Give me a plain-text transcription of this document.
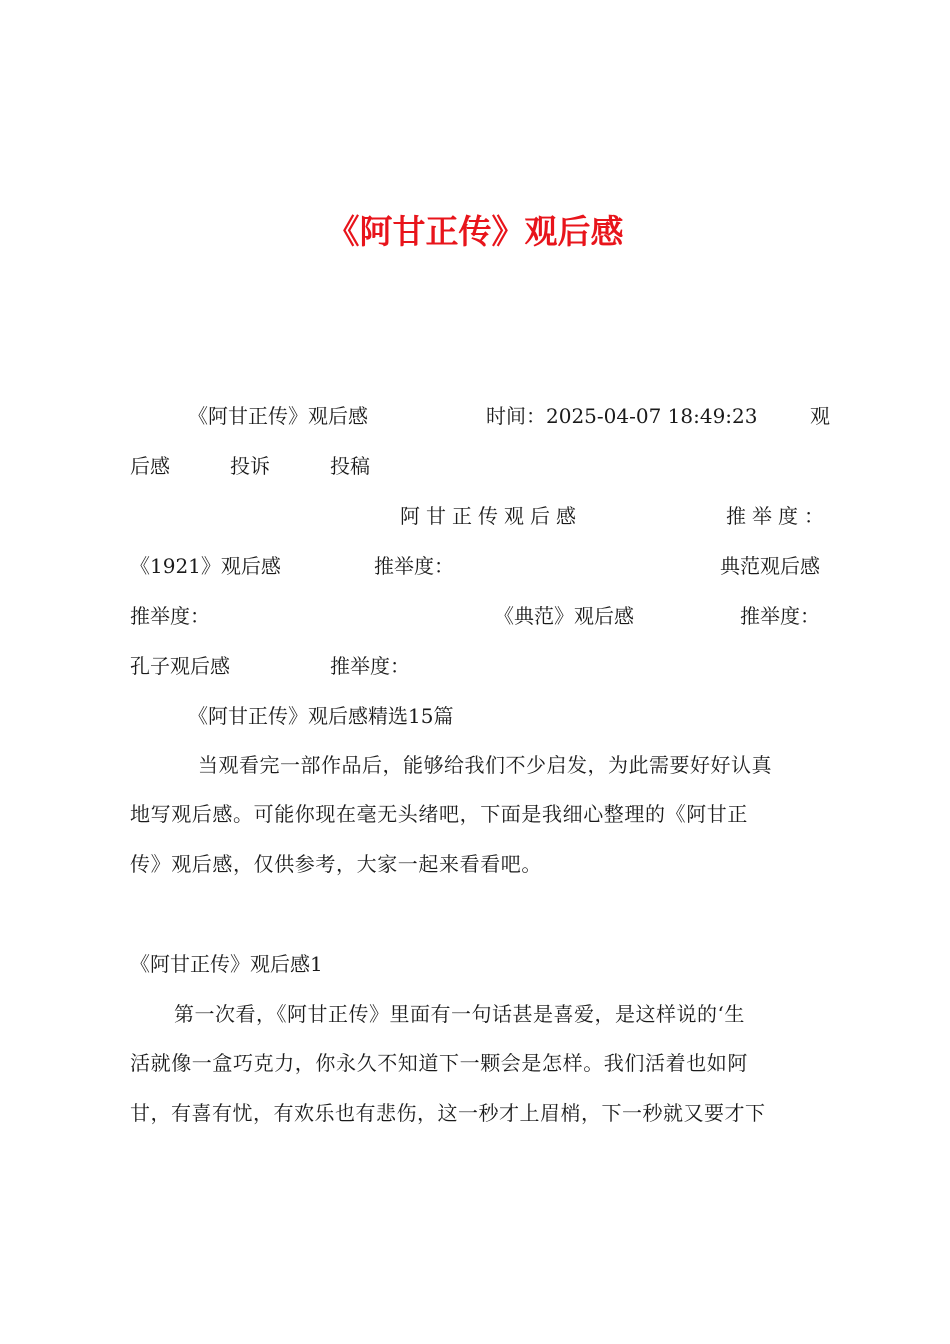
《阿甘正传》观后感
《阿甘正传》观后感	时间：2025-04-07 18:49:23	观
后感	投诉	投稿
阿甘正传观后感	推举度：
《1921》观后感	推举度：	典范观后感
推举度：	《典范》观后感	推举度：
孔子观后感	推举度：
《阿甘正传》观后感精选15篇
当观看完一部作品后，能够给我们不少启发，为此需要好好认真
地写观后感。可能你现在毫无头绪吧，下面是我细心整理的《阿甘正
传》观后感，仅供参考，大家一起来看看吧。
《阿甘正传》观后感1
第一次看，《阿甘正传》里面有一句话甚是喜爱，是这样说的‘生
活就像一盒巧克力，你永久不知道下一颗会是怎样。我们活着也如阿
甘，有喜有忧，有欢乐也有悲伤，这一秒才上眉梢，下一秒就又要才下
